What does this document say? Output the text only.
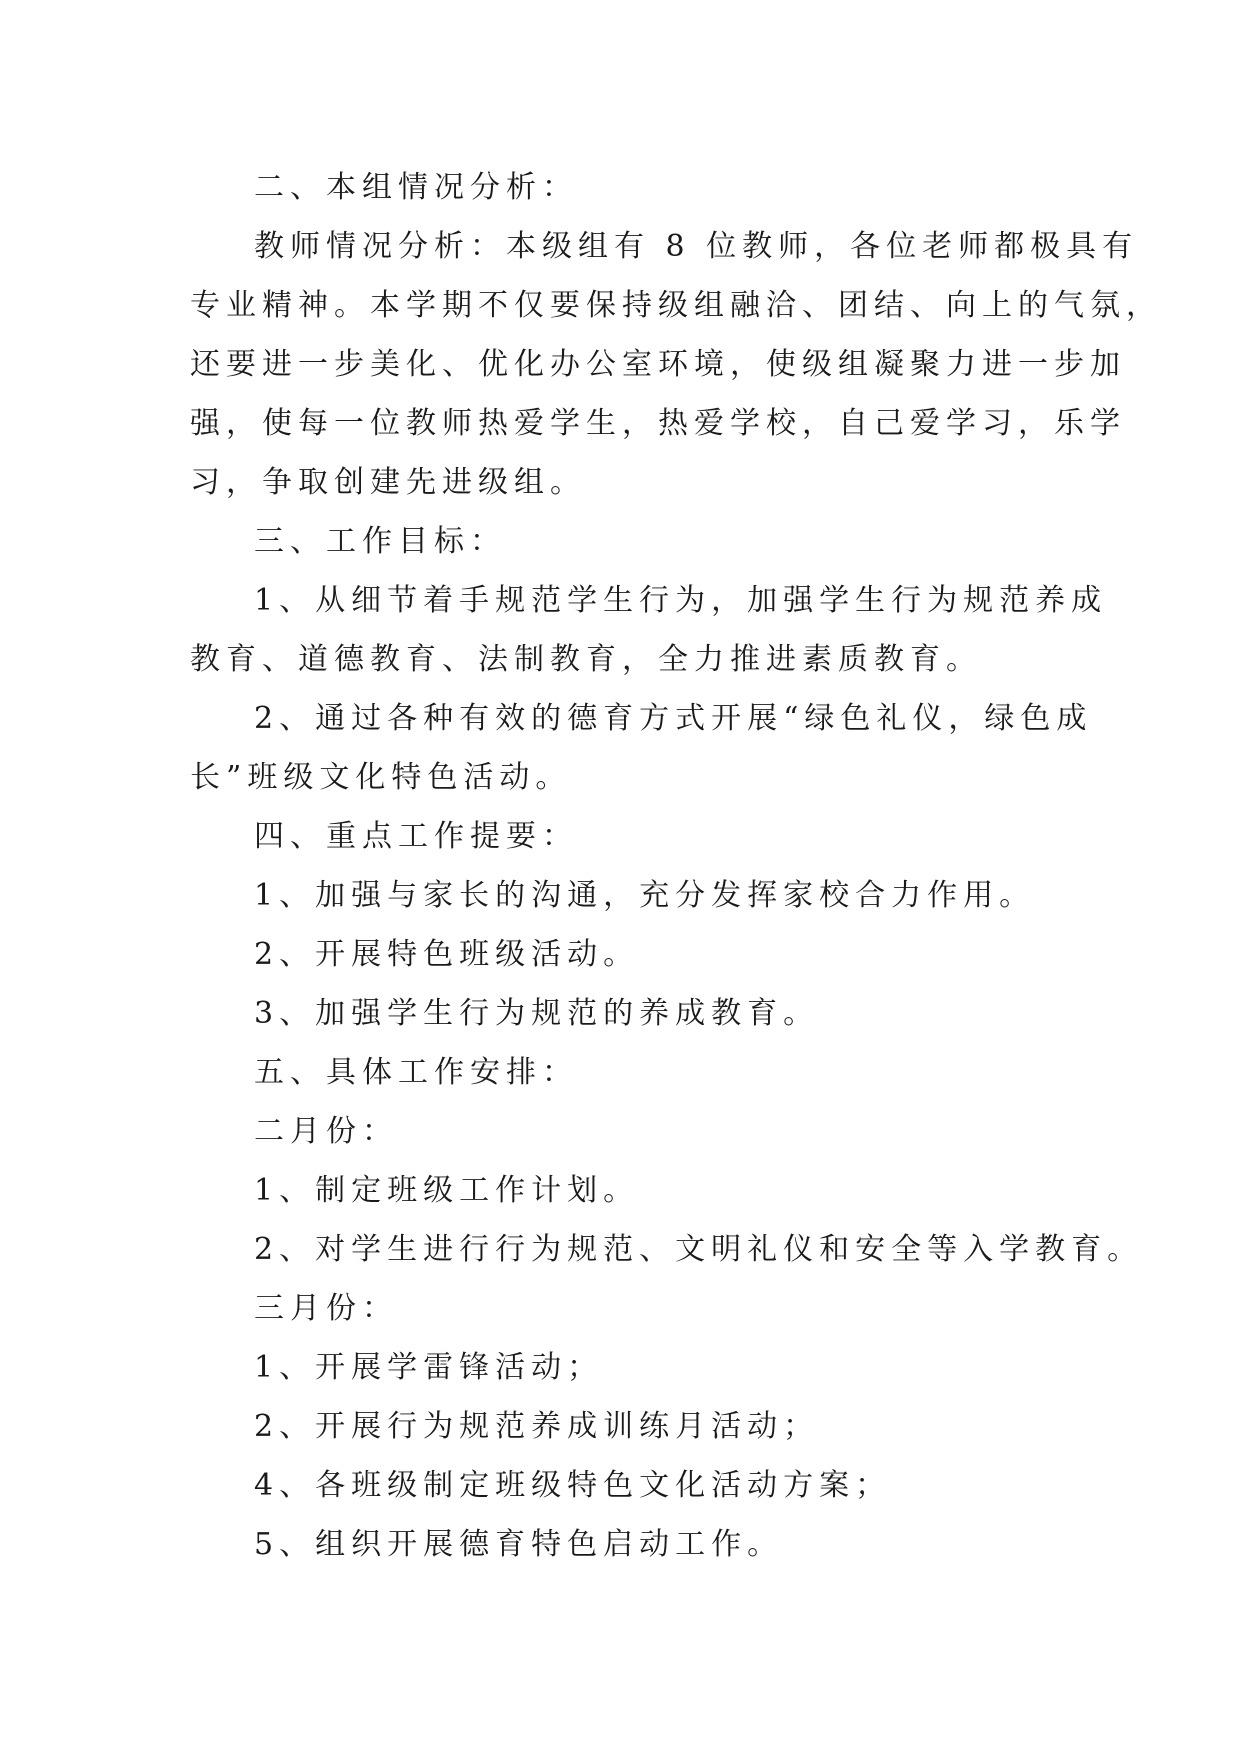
二、本组情况分析：
教师情况分析：本级组有 8 位教师，各位老师都极具有
专业精神。本学期不仅要保持级组融洽、团结、向上的气氛，
还要进一步美化、优化办公室环境，使级组凝聚力进一步加
强，使每一位教师热爱学生，热爱学校，自己爱学习，乐学
习，争取创建先进级组。
三、工作目标：
1、从细节着手规范学生行为，加强学生行为规范养成
教育、道德教育、法制教育，全力推进素质教育。
2、通过各种有效的德育方式开展“绿色礼仪，绿色成
长”班级文化特色活动。
四、重点工作提要：
1、加强与家长的沟通，充分发挥家校合力作用。
2、开展特色班级活动。
3、加强学生行为规范的养成教育。
五、具体工作安排：
二月份：
1、制定班级工作计划。
2、对学生进行行为规范、文明礼仪和安全等入学教育。
三月份：
1、开展学雷锋活动；
2、开展行为规范养成训练月活动；
4、各班级制定班级特色文化活动方案；
5、组织开展德育特色启动工作。
